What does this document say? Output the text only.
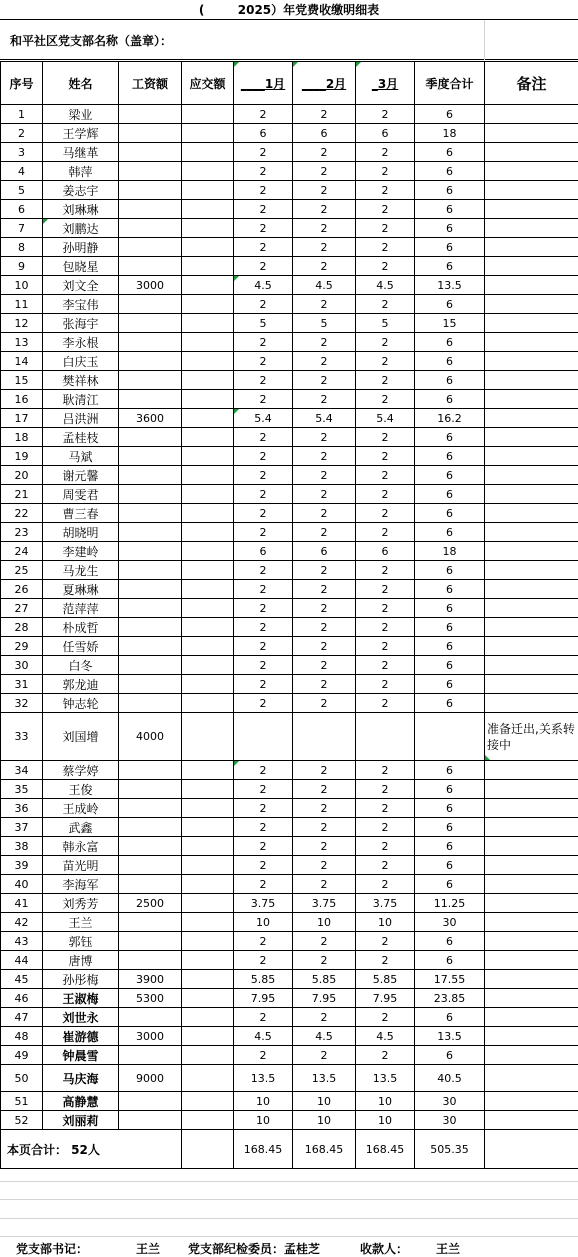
(        2025）年党费收缴明细表
和平社区党支部名称（盖章）：
序号	姓名	工资额	应交额	____1月	____2月	_3月	季度合计	备注
1	梁业			2	2	2	6	
2	王学辉			6	6	6	18	
3	马继革			2	2	2	6	
4	韩萍			2	2	2	6	
5	姜志宇			2	2	2	6	
6	刘琳琳			2	2	2	6	
7	刘鹏达			2	2	2	6	
8	孙明静			2	2	2	6	
9	包晓星			2	2	2	6	
10	刘文全	3000		4.5	4.5	4.5	13.5	
11	李宝伟			2	2	2	6	
12	张海宇			5	5	5	15	
13	李永根			2	2	2	6	
14	白庆玉			2	2	2	6	
15	樊祥林			2	2	2	6	
16	耿清江			2	2	2	6	
17	吕洪洲	3600		5.4	5.4	5.4	16.2	
18	孟桂枝			2	2	2	6	
19	马斌			2	2	2	6	
20	谢元馨			2	2	2	6	
21	周雯君			2	2	2	6	
22	曹三春			2	2	2	6	
23	胡晓明			2	2	2	6	
24	李建岭			6	6	6	18	
25	马龙生			2	2	2	6	
26	夏琳琳			2	2	2	6	
27	范萍萍			2	2	2	6	
28	朴成哲			2	2	2	6	
29	任雪娇			2	2	2	6	
30	白冬			2	2	2	6	
31	郭龙迪			2	2	2	6	
32	钟志轮			2	2	2	6	
33	刘国增	4000						准备迁出,关系转接中
34	蔡学婷			2	2	2	6	
35	王俊			2	2	2	6	
36	王成岭			2	2	2	6	
37	武鑫			2	2	2	6	
38	韩永富			2	2	2	6	
39	苗光明			2	2	2	6	
40	李海军			2	2	2	6	
41	刘秀芳	2500		3.75	3.75	3.75	11.25	
42	王兰			10	10	10	30	
43	郭钰			2	2	2	6	
44	唐博			2	2	2	6	
45	孙彤梅	3900		5.85	5.85	5.85	17.55	
46	王淑梅	5300		7.95	7.95	7.95	23.85	
47	刘世永			2	2	2	6	
48	崔游德	3000		4.5	4.5	4.5	13.5	
49	钟晨雪			2	2	2	6	
50	马庆海	9000		13.5	13.5	13.5	40.5	
51	高静慧			10	10	10	30	
52	刘丽莉			10	10	10	30	
本页合计： 52人				168.45	168.45	168.45	505.35	
党支部书记：	王兰 党支部纪检委员：孟桂芝	收款人： 王兰
